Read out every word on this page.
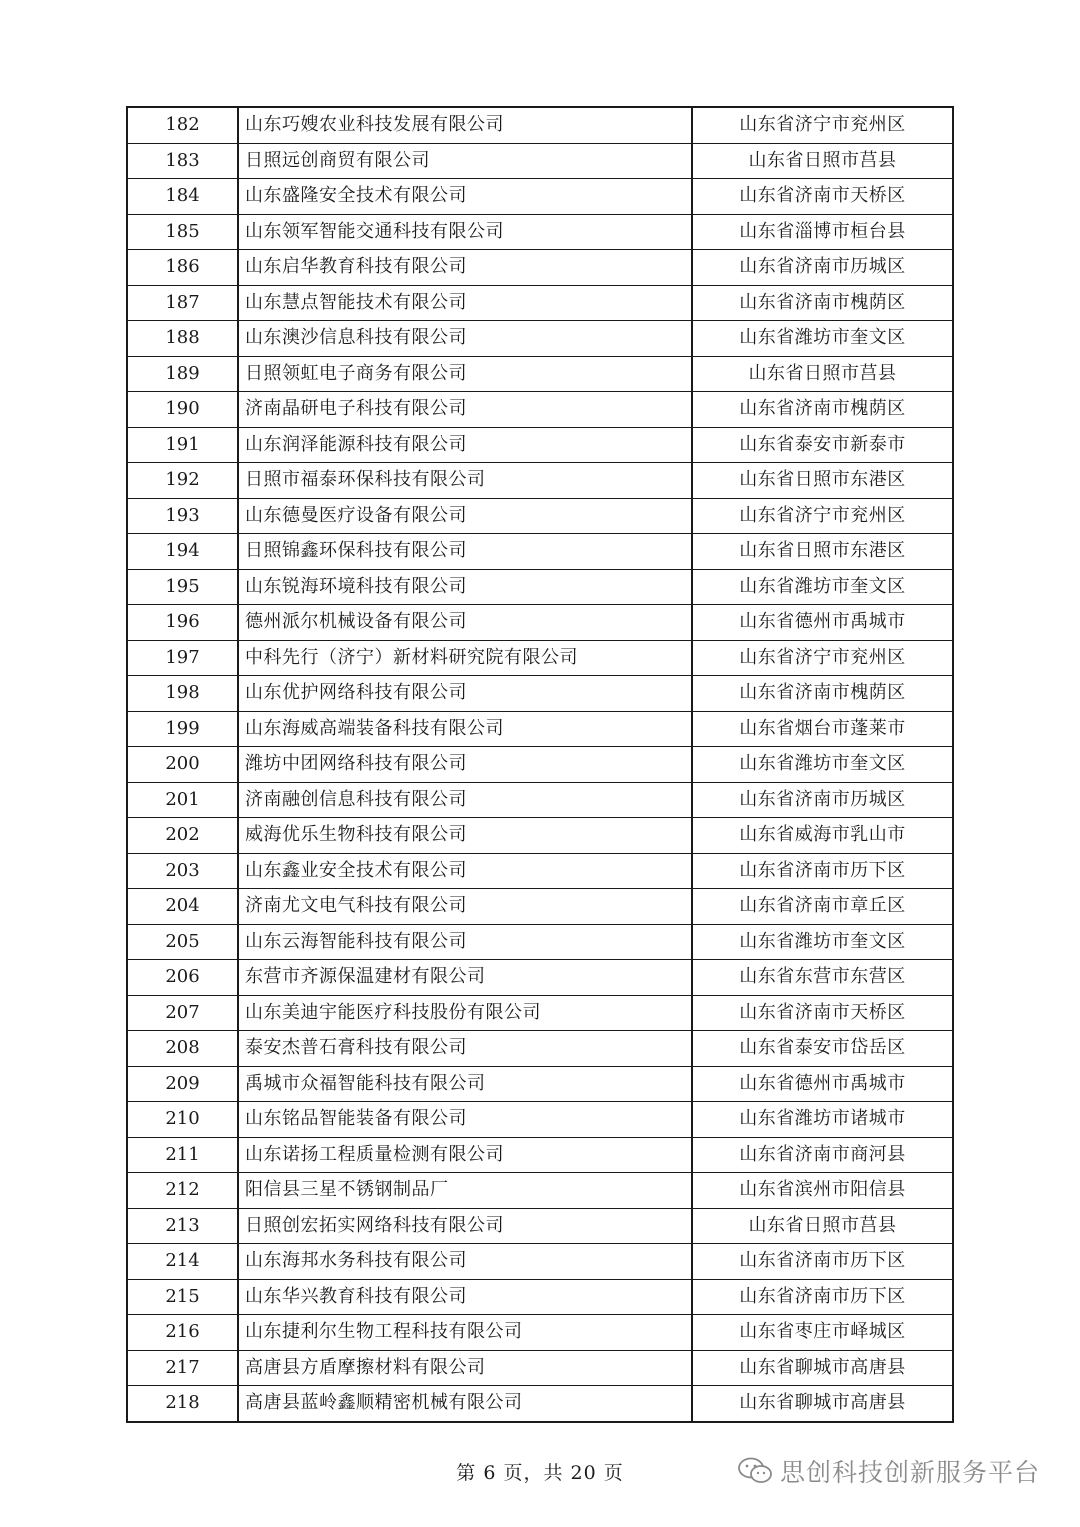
182	山东巧嫂农业科技发展有限公司	山东省济宁市兖州区
183	日照远创商贸有限公司	山东省日照市莒县
184	山东盛隆安全技术有限公司	山东省济南市天桥区
185	山东领军智能交通科技有限公司	山东省淄博市桓台县
186	山东启华教育科技有限公司	山东省济南市历城区
187	山东慧点智能技术有限公司	山东省济南市槐荫区
188	山东澳沙信息科技有限公司	山东省潍坊市奎文区
189	日照领虹电子商务有限公司	山东省日照市莒县
190	济南晶研电子科技有限公司	山东省济南市槐荫区
191	山东润泽能源科技有限公司	山东省泰安市新泰市
192	日照市福泰环保科技有限公司	山东省日照市东港区
193	山东德曼医疗设备有限公司	山东省济宁市兖州区
194	日照锦鑫环保科技有限公司	山东省日照市东港区
195	山东锐海环境科技有限公司	山东省潍坊市奎文区
196	德州派尔机械设备有限公司	山东省德州市禹城市
197	中科先行（济宁）新材料研究院有限公司	山东省济宁市兖州区
198	山东优护网络科技有限公司	山东省济南市槐荫区
199	山东海威高端装备科技有限公司	山东省烟台市蓬莱市
200	潍坊中团网络科技有限公司	山东省潍坊市奎文区
201	济南融创信息科技有限公司	山东省济南市历城区
202	威海优乐生物科技有限公司	山东省威海市乳山市
203	山东鑫业安全技术有限公司	山东省济南市历下区
204	济南尤文电气科技有限公司	山东省济南市章丘区
205	山东云海智能科技有限公司	山东省潍坊市奎文区
206	东营市齐源保温建材有限公司	山东省东营市东营区
207	山东美迪宇能医疗科技股份有限公司	山东省济南市天桥区
208	泰安杰普石膏科技有限公司	山东省泰安市岱岳区
209	禹城市众福智能科技有限公司	山东省德州市禹城市
210	山东铭品智能装备有限公司	山东省潍坊市诸城市
211	山东诺扬工程质量检测有限公司	山东省济南市商河县
212	阳信县三星不锈钢制品厂	山东省滨州市阳信县
213	日照创宏拓实网络科技有限公司	山东省日照市莒县
214	山东海邦水务科技有限公司	山东省济南市历下区
215	山东华兴教育科技有限公司	山东省济南市历下区
216	山东捷利尔生物工程科技有限公司	山东省枣庄市峄城区
217	高唐县方盾摩擦材料有限公司	山东省聊城市高唐县
218	高唐县蓝岭鑫顺精密机械有限公司	山东省聊城市高唐县
第 6 页，共 20 页	思创科技创新服务平台
